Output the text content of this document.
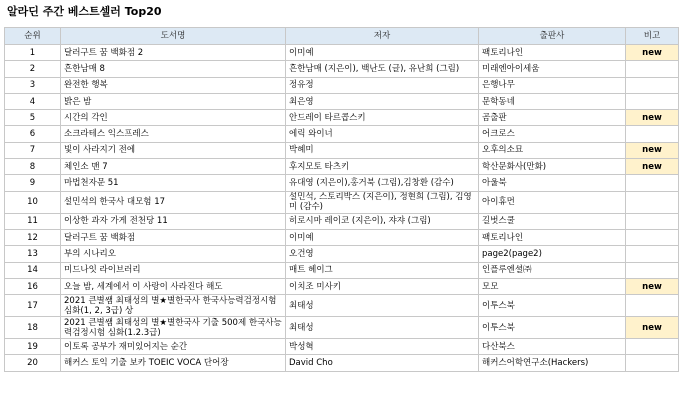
알라딘 주간 베스트셀러 Top20
순위	도서명	저자	출판사	비고
1	달러구트 꿈 백화점 2	이미예	팩토리나인	new
2	흔한남매 8	흔한남매 (지은이), 백난도 (글), 유난희 (그림)	미래엔아이세움	
3	완전한 행복	정유정	은행나무	
4	밝은 밤	최은영	문학동네	
5	시간의 각인	안드레이 타르콥스키	곰출판	new
6	소크라테스 익스프레스	에릭 와이너	어크로스	
7	빛이 사라지기 전에	박혜미	오후의소묘	new
8	체인소 맨 7	후지모토 타츠키	학산문화사(만화)	new
9	마법천자문 51	유대영 (지은이),홍거북 (그림),김창환 (감수)	아울북	
10	설민석의 한국사 대모험 17	설민석, 스토리박스 (지은이), 정현희 (그림), 김영미 (감수)	아이휴먼	
11	이상한 과자 가게 전천당 11	히로시마 레이코 (지은이), 쟈쟈 (그림)	길벗스쿨	
12	달러구트 꿈 백화점	이미예	팩토리나인	
13	부의 시나리오	오건영	page2(page2)	
14	미드나잇 라이브러리	매트 헤이그	인플루엔셜㈜	
16	오늘 밤, 세계에서 이 사랑이 사라진다 해도	이치조 미사키	모모	new
17	2021 큰별쌤 최태성의 별★별한국사 한국사능력검정시험 심화(1, 2, 3급) 상	최태성	이투스북	
18	2021 큰별쌤 최태성의 별★별한국사 기출 500제 한국사능력검정시험 심화(1.2.3급)	최태성	이투스북	new
19	이토록 공부가 재미있어지는 순간	박성혁	다산북스	
20	해커스 토익 기출 보카 TOEIC VOCA 단어장	David Cho	해커스어학연구소(Hackers)	
